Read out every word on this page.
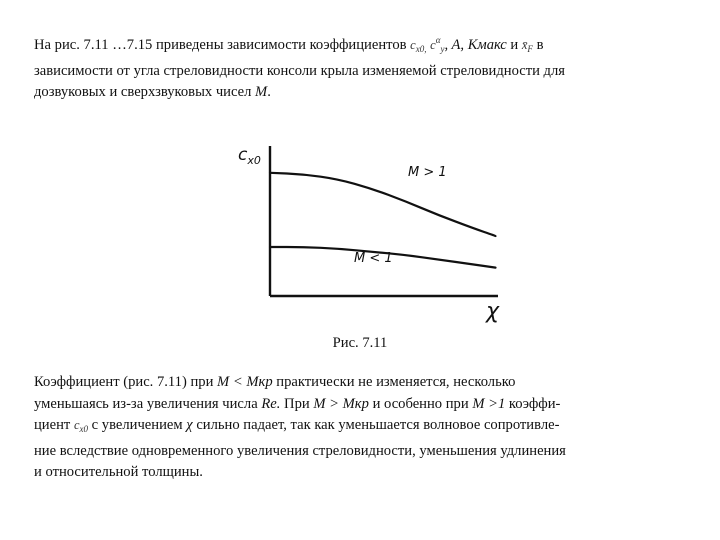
На рис. 7.11 …7.15 приведены зависимости коэффициентов $c_{x0,}$ $c^\alpha_y$, A, Кмакс и $x̄_F$ в
зависимости от угла стреловидности консоли крыла изменяемой стреловидности для
дозвуковых и сверхзвуковых чисел M.

$c_{x0}$
χ
M > 1
M < 1
Рис. 7.11

Коэффициент (рис. 7.11) при M < Mкр практически не изменяется, несколько
уменьшаясь из-за увеличения числа Re. При M > Mкр и особенно при M >1 коэффи-
циент $c_{x0}$ с увеличением χ сильно падает, так как уменьшается волновое сопротивле-
ние вследствие одновременного увеличения стреловидности, уменьшения удлинения
и относительной толщины.
